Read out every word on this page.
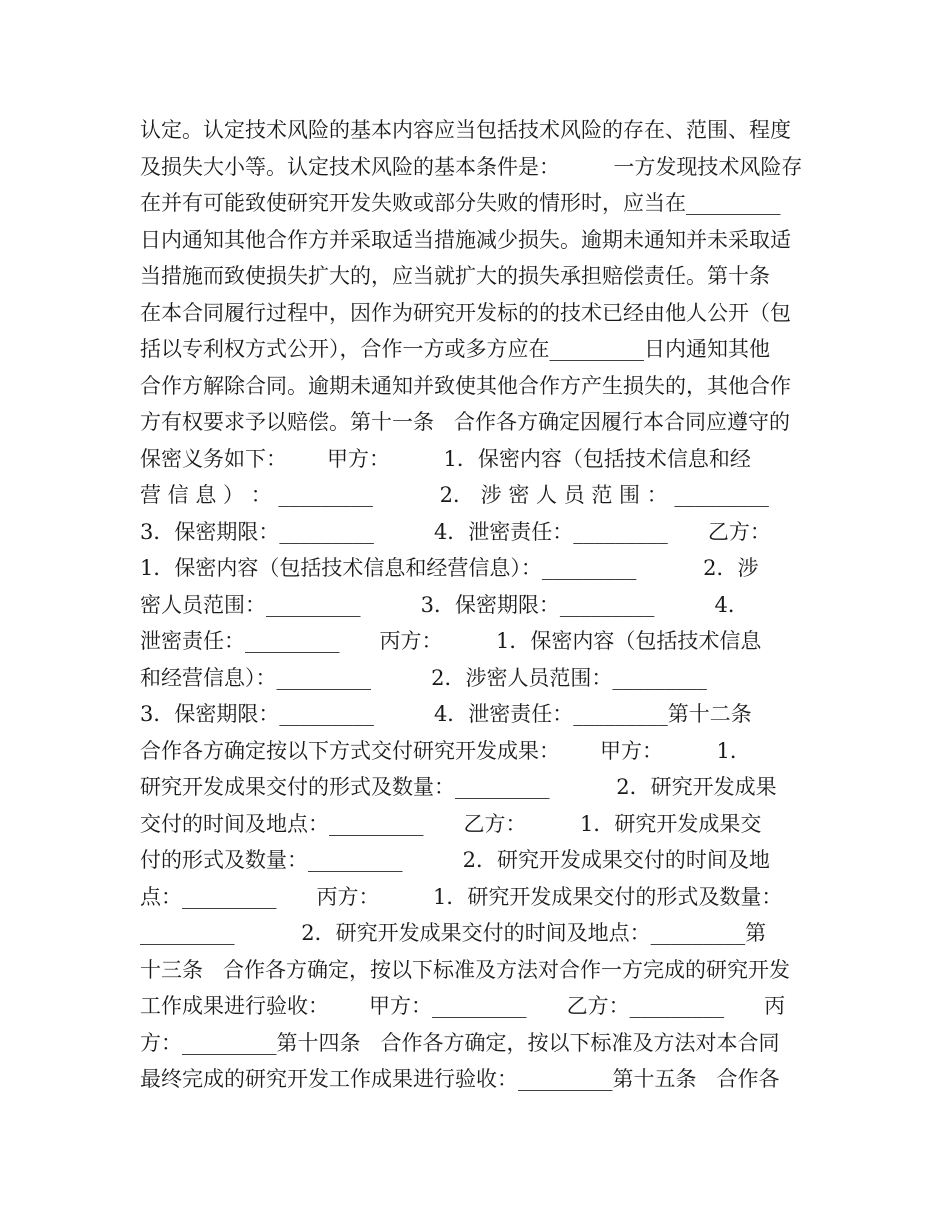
认定。认定技术风险的基本内容应当包括技术风险的存在、范围、程度
及损失大小等。认定技术风险的基本条件是：        一方发现技术风险存
在并有可能致使研究开发失败或部分失败的情形时，应当在_________
日内通知其他合作方并采取适当措施减少损失。逾期未通知并未采取适
当措施而致使损失扩大的，应当就扩大的损失承担赔偿责任。第十条
在本合同履行过程中，因作为研究开发标的的技术已经由他人公开（包
括以专利权方式公开），合作一方或多方应在_________日内通知其他
合作方解除合同。逾期未通知并致使其他合作方产生损失的，其他合作
方有权要求予以赔偿。第十一条   合作各方确定因履行本合同应遵守的
保密义务如下：      甲方：        1．保密内容（包括技术信息和经
营 信 息 ） ： _________          2． 涉 密 人 员 范 围 ： _________
3．保密期限：_________         4．泄密责任：_________      乙方：
1．保密内容（包括技术信息和经营信息）：_________          2．涉
密人员范围：_________         3．保密期限：_________         4．
泄密责任：_________      丙方：        1．保密内容（包括技术信息
和经营信息）：_________         2．涉密人员范围：_________
3．保密期限：_________         4．泄密责任：_________第十二条
合作各方确定按以下方式交付研究开发成果：      甲方：        1．
研究开发成果交付的形式及数量：_________          2．研究开发成果
交付的时间及地点：_________      乙方：        1．研究开发成果交
付的形式及数量：_________         2．研究开发成果交付的时间及地
点：_________      丙方：        1．研究开发成果交付的形式及数量：
_________          2．研究开发成果交付的时间及地点：_________第
十三条   合作各方确定，按以下标准及方法对合作一方完成的研究开发
工作成果进行验收：      甲方：_________      乙方：_________      丙
方：_________第十四条   合作各方确定，按以下标准及方法对本合同
最终完成的研究开发工作成果进行验收：_________第十五条   合作各
